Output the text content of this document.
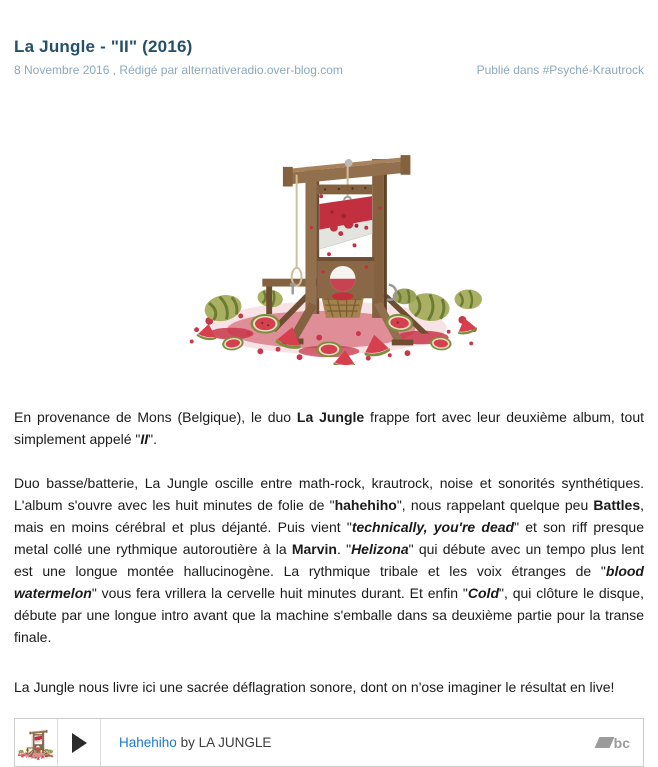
La Jungle - "II" (2016)
8 Novembre 2016 , Rédigé par alternativeradio.over-blog.com	Publié dans #Psyché-Krautrock

En provenance de Mons (Belgique), le duo La Jungle frappe fort avec leur deuxième album, tout simplement appelé "II".

Duo basse/batterie, La Jungle oscille entre math-rock, krautrock, noise et sonorités synthétiques. L'album s'ouvre avec les huit minutes de folie de "hahehiho", nous rappelant quelque peu Battles, mais en moins cérébral et plus déjanté. Puis vient "technically, you're dead" et son riff presque metal collé une rythmique autoroutière à la Marvin. "Helizona" qui débute avec un tempo plus lent est une longue montée hallucinogène. La rythmique tribale et les voix étranges de "blood watermelon" vous fera vrillera la cervelle huit minutes durant. Et enfin "Cold", qui clôture le disque, débute par une longue intro avant que la machine s'emballe dans sa deuxième partie pour la transe finale.

La Jungle nous livre ici une sacrée déflagration sonore, dont on n'ose imaginer le résultat en live!

Hahehiho
by
LA JUNGLE	bc
